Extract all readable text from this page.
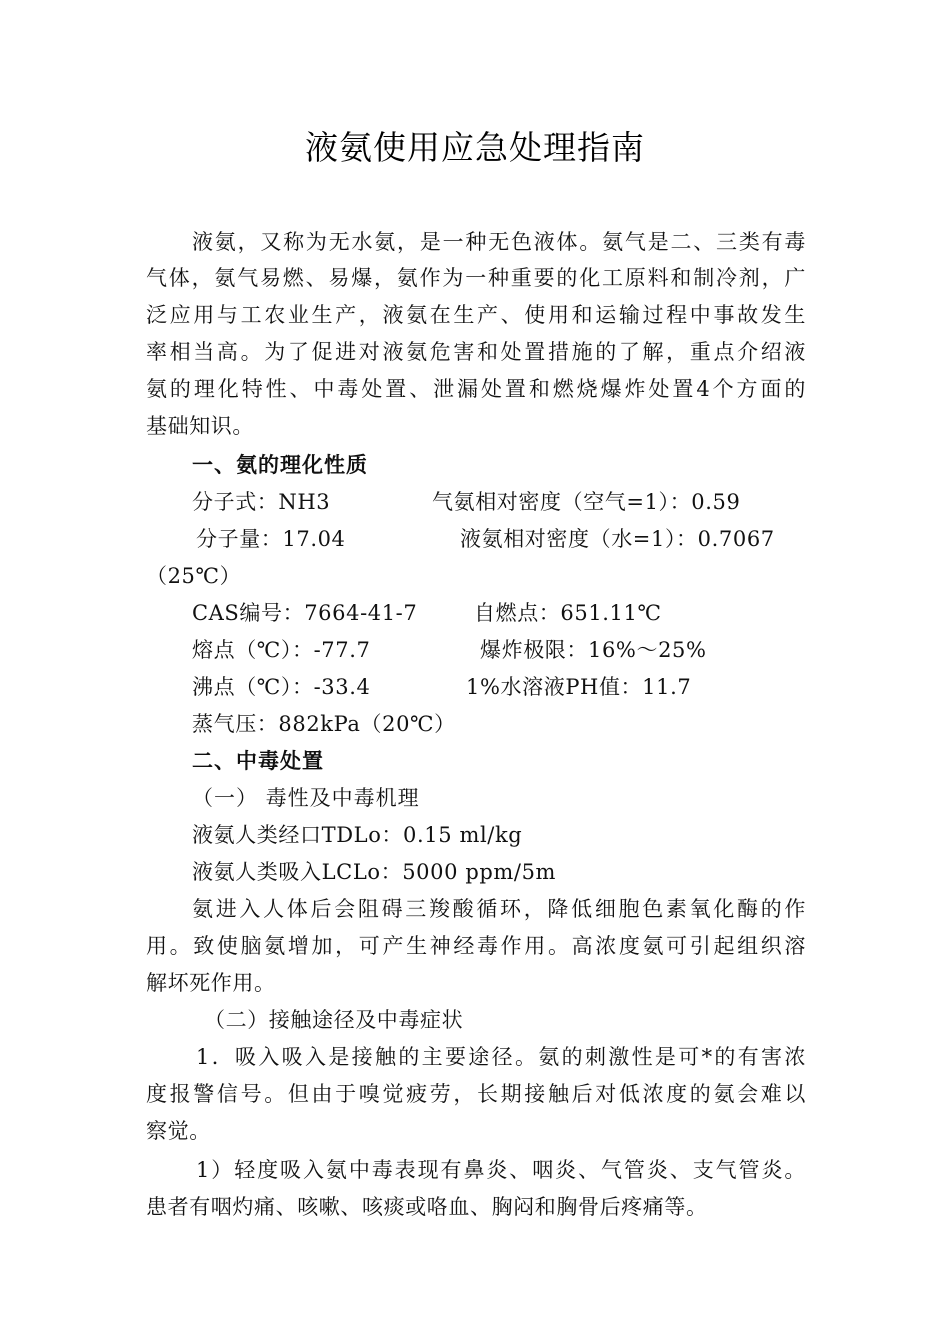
液氨使用应急处理指南
液氨，又称为无水氨，是一种无色液体。氨气是二、三类有毒
气体，氨气易燃、易爆，氨作为一种重要的化工原料和制冷剂，广
泛应用与工农业生产，液氨在生产、使用和运输过程中事故发生
率相当高。为了促进对液氨危害和处置措施的了解，重点介绍液
氨的理化特性、中毒处置、泄漏处置和燃烧爆炸处置4个方面的
基础知识。
一、氨的理化性质
分子式：NH3	气氨相对密度（空气=1）：0.59
分子量：17.04	液氨相对密度（水=1）：0.7067
（25℃）
CAS编号：7664-41-7	自燃点：651.11℃
熔点（℃）：-77.7	爆炸极限：16%～25%
沸点（℃）：-33.4	1%水溶液PH值：11.7
蒸气压：882kPa（20℃）
二、中毒处置
（一） 毒性及中毒机理
液氨人类经口TDLo：0.15 ml/kg
液氨人类吸入LCLo：5000 ppm/5m
氨进入人体后会阻碍三羧酸循环，降低细胞色素氧化酶的作
用。致使脑氨增加，可产生神经毒作用。高浓度氨可引起组织溶
解坏死作用。
（二）接触途径及中毒症状
1．吸入吸入是接触的主要途径。氨的刺激性是可*的有害浓
度报警信号。但由于嗅觉疲劳，长期接触后对低浓度的氨会难以
察觉。
1）轻度吸入氨中毒表现有鼻炎、咽炎、气管炎、支气管炎。
患者有咽灼痛、咳嗽、咳痰或咯血、胸闷和胸骨后疼痛等。
